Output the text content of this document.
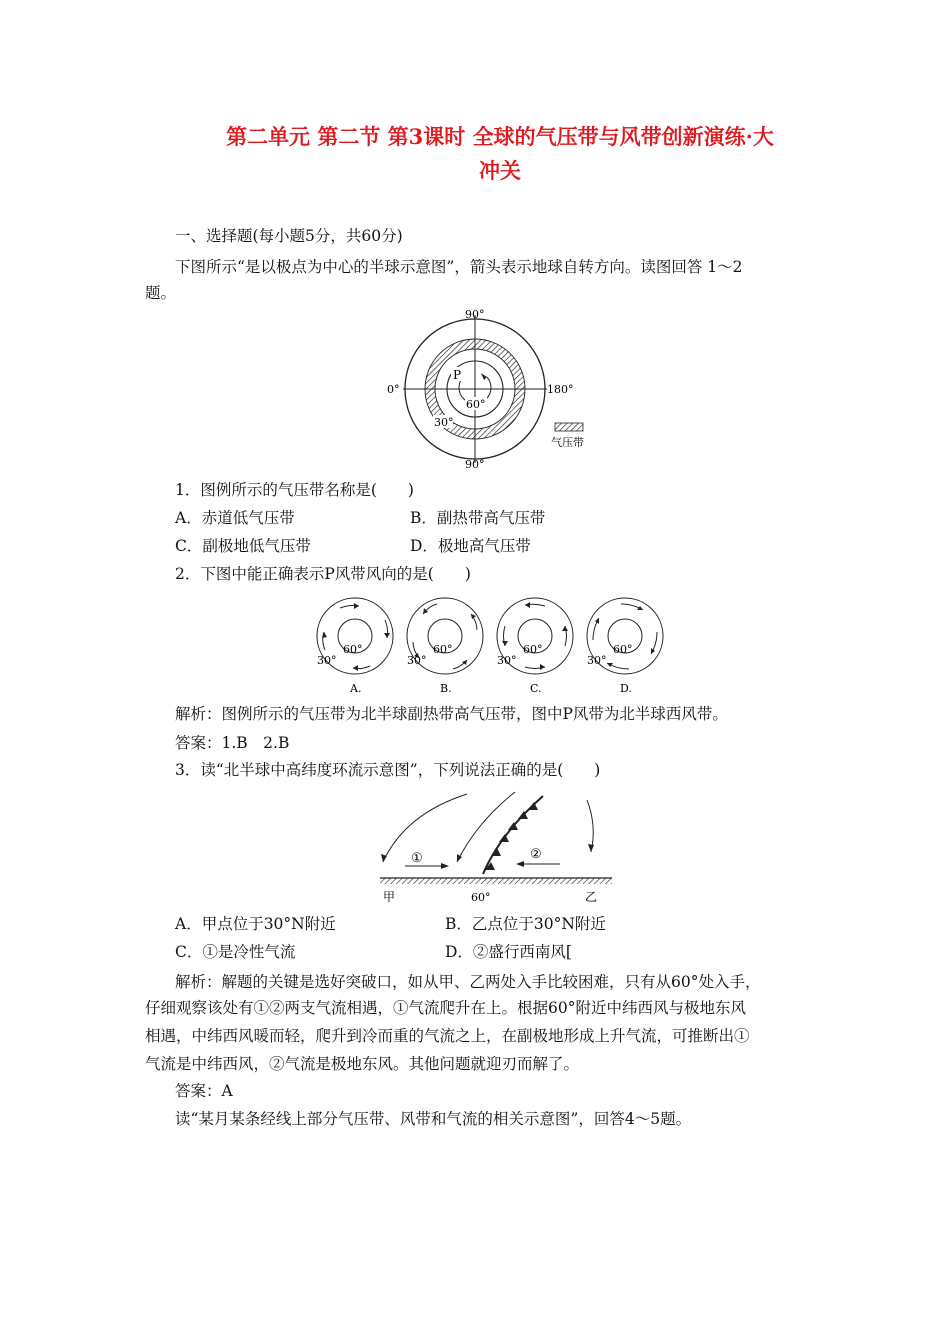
第二单元 第二节 第3课时 全球的气压带与风带创新演练·大
冲关
一、选择题(每小题5分，共60分)
下图所示“是以极点为中心的半球示意图”，箭头表示地球自转方向。读图回答 1～2
题。
P
60°
30°
90°
90°
0°	180°
气压带
1．图例所示的气压带名称是(　　)
A．赤道低气压带	B．副热带高气压带
C．副极地低气压带	D．极地高气压带
2．下图中能正确表示P风带风向的是(　　)
60°
30°
A.
60°
30°
B.
60°
30°
C.
60°
30°
D.
解析：图例所示的气压带为北半球副热带高气压带，图中P风带为北半球西风带。
答案：1.B　2.B
3．读“北半球中高纬度环流示意图”，下列说法正确的是(　　)
①	②
甲	60°	乙
A．甲点位于30°N附近	B．乙点位于30°N附近
C．①是冷性气流	D．②盛行西南风[
解析：解题的关键是选好突破口，如从甲、乙两处入手比较困难，只有从60°处入手，
仔细观察该处有①②两支气流相遇，①气流爬升在上。根据60°附近中纬西风与极地东风
相遇，中纬西风暖而轻，爬升到冷而重的气流之上，在副极地形成上升气流，可推断出①
气流是中纬西风，②气流是极地东风。其他问题就迎刃而解了。
答案：A
读“某月某条经线上部分气压带、风带和气流的相关示意图”，回答4～5题。
